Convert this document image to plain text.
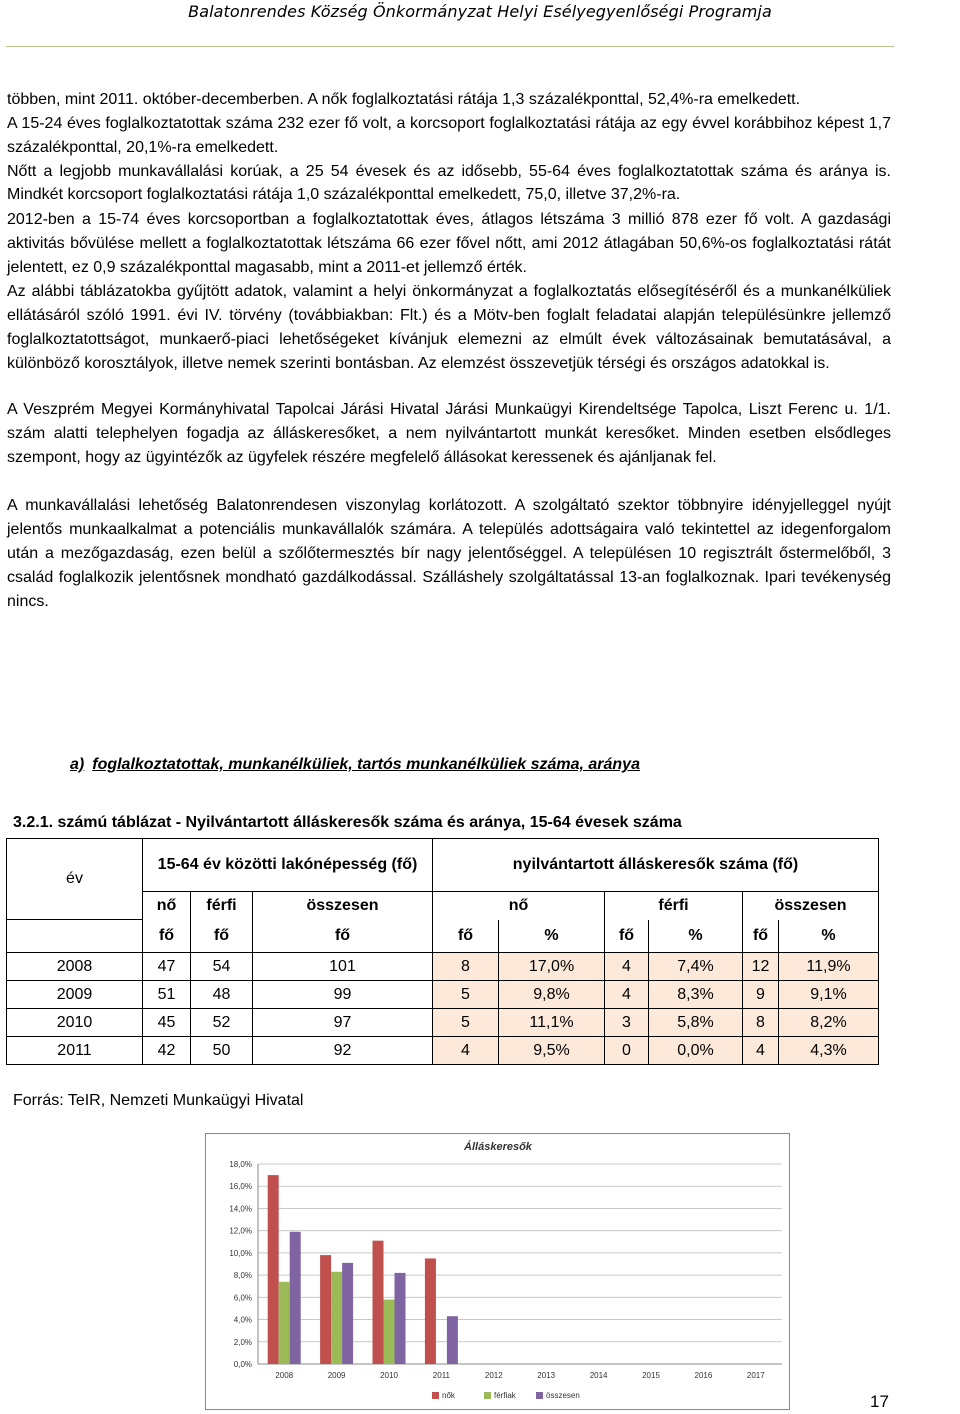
Balatonrendes Község Önkormányzat Helyi Esélyegyenlőségi Programja

többen, mint 2011. október-decemberben. A nők foglalkoztatási rátája 1,3 százalékponttal, 52,4%-ra emelkedett.

A 15-24 éves foglalkoztatottak száma 232 ezer fő volt, a korcsoport foglalkoztatási rátája az egy évvel korábbihoz képest 1,7 százalékponttal, 20,1%-ra emelkedett.

Nőtt a legjobb munkavállalási korúak, a 25 54 évesek és az idősebb, 55-64 éves foglalkoztatottak száma és aránya is. Mindkét korcsoport foglalkoztatási rátája 1,0 százalékponttal emelkedett, 75,0, illetve 37,2%-ra.

2012-ben a 15-74 éves korcsoportban a foglalkoztatottak éves, átlagos létszáma 3 millió 878 ezer fő volt. A gazdasági aktivitás bővülése mellett a foglalkoztatottak létszáma 66 ezer fővel nőtt, ami 2012 átlagában 50,6%-os foglalkoztatási rátát jelentett, ez 0,9 százalékponttal magasabb, mint a 2011-et jellemző érték.

Az alábbi táblázatokba gyűjtött adatok, valamint a helyi önkormányzat a foglalkoztatás elősegítéséről és a munkanélküliek ellátásáról szóló 1991. évi IV. törvény (továbbiakban: Flt.) és a Mötv-ben foglalt feladatai alapján településünkre jellemző foglalkoztatottságot, munkaerő-piaci lehetőségeket kívánjuk elemezni az elmúlt évek változásainak bemutatásával, a különböző korosztályok, illetve nemek szerinti bontásban. Az elemzést összevetjük térségi és országos adatokkal is.

A Veszprém Megyei Kormányhivatal Tapolcai Járási Hivatal Járási Munkaügyi Kirendeltsége Tapolca, Liszt Ferenc u. 1/1. szám alatti telephelyen fogadja az álláskeresőket, a nem nyilvántartott munkát keresőket. Minden esetben elsődleges szempont, hogy az ügyintézők az ügyfelek részére megfelelő állásokat keressenek és ajánljanak fel.

A munkavállalási lehetőség Balatonrendesen viszonylag korlátozott. A szolgáltató szektor többnyire idényjelleggel nyújt jelentős munkaalkalmat a potenciális munkavállalók számára. A település adottságaira való tekintettel az idegenforgalom után a mezőgazdaság, ezen belül a szőlőtermesztés bír nagy jelentőséggel. A településen 10 regisztrált őstermelőből, 3 család foglalkozik jelentősnek mondható gazdálkodással. Szálláshely szolgáltatással 13-an foglalkoznak. Ipari tevékenység nincs.

a) foglalkoztatottak, munkanélküliek, tartós munkanélküliek száma, aránya
3.2.1. számú táblázat - Nyilvántartott álláskeresők száma és aránya, 15-64 évesek száma
év	15-64 év közötti lakónépesség (fő)			nyilvántartott álláskeresők száma (fő)					
	nő	férfi	összesen	nő		férfi		összesen	
	fő	fő	fő	fő	%	fő	%	fő	%
2008	47	54	101	8	17,0%	4	7,4%	12	11,9%
2009	51	48	99	5	9,8%	4	8,3%	9	9,1%
2010	45	52	97	5	11,1%	3	5,8%	8	8,2%
2011	42	50	92	4	9,5%	0	0,0%	4	4,3%
Forrás: TeIR, Nemzeti Munkaügyi Hivatal
Álláskeresők
0,0%
2,0%
4,0%
6,0%
8,0%
10,0%
12,0%
14,0%
16,0%
18,0%
2008	2009	2010	2011	2012	2013	2014	2015	2016	2017
nők	férfiak	összesen	17
